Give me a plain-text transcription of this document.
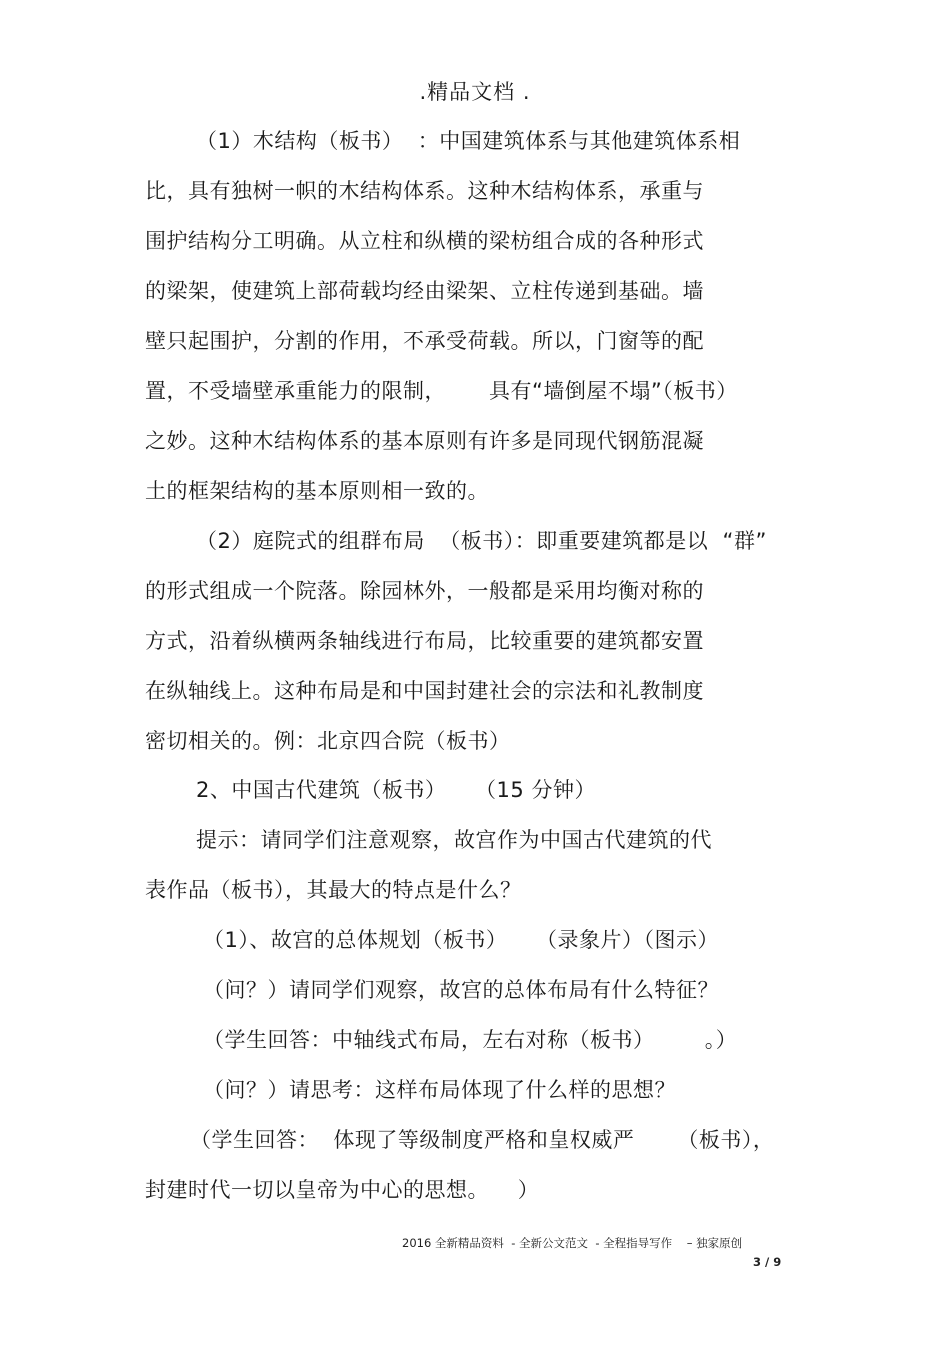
.精品文档 .
（1）木结构（板书）  ：中国建筑体系与其他建筑体系相
比，具有独树一帜的木结构体系。这种木结构体系，承重与
围护结构分工明确。从立柱和纵横的梁枋组合成的各种形式
的梁架，使建筑上部荷载均经由梁架、立柱传递到基础。墙
壁只起围护，分割的作用，不承受荷载。所以，门窗等的配
置，不受墙壁承重能力的限制，      具有“墙倒屋不塌”（板书）
之妙。这种木结构体系的基本原则有许多是同现代钢筋混凝
土的框架结构的基本原则相一致的。
（2）庭院式的组群布局  （板书）：即重要建筑都是以  “群”
的形式组成一个院落。除园林外，一般都是采用均衡对称的
方式，沿着纵横两条轴线进行布局，比较重要的建筑都安置
在纵轴线上。这种布局是和中国封建社会的宗法和礼教制度
密切相关的。例：北京四合院（板书）
2、中国古代建筑（板书）    （15 分钟）
提示：请同学们注意观察，故宫作为中国古代建筑的代
表作品（板书），其最大的特点是什么？
（1）、故宫的总体规划（板书）    （录象片）（图示）
（问？）请同学们观察，故宫的总体布局有什么特征？
（学生回答：中轴线式布局，左右对称（板书）       。）
（问？）请思考：这样布局体现了什么样的思想？
（学生回答：  体现了等级制度严格和皇权威严      （板书），
封建时代一切以皇帝为中心的思想。    ）
2016 全新精品资料  - 全新公文范文  - 全程指导写作    – 独家原创
3 / 9
